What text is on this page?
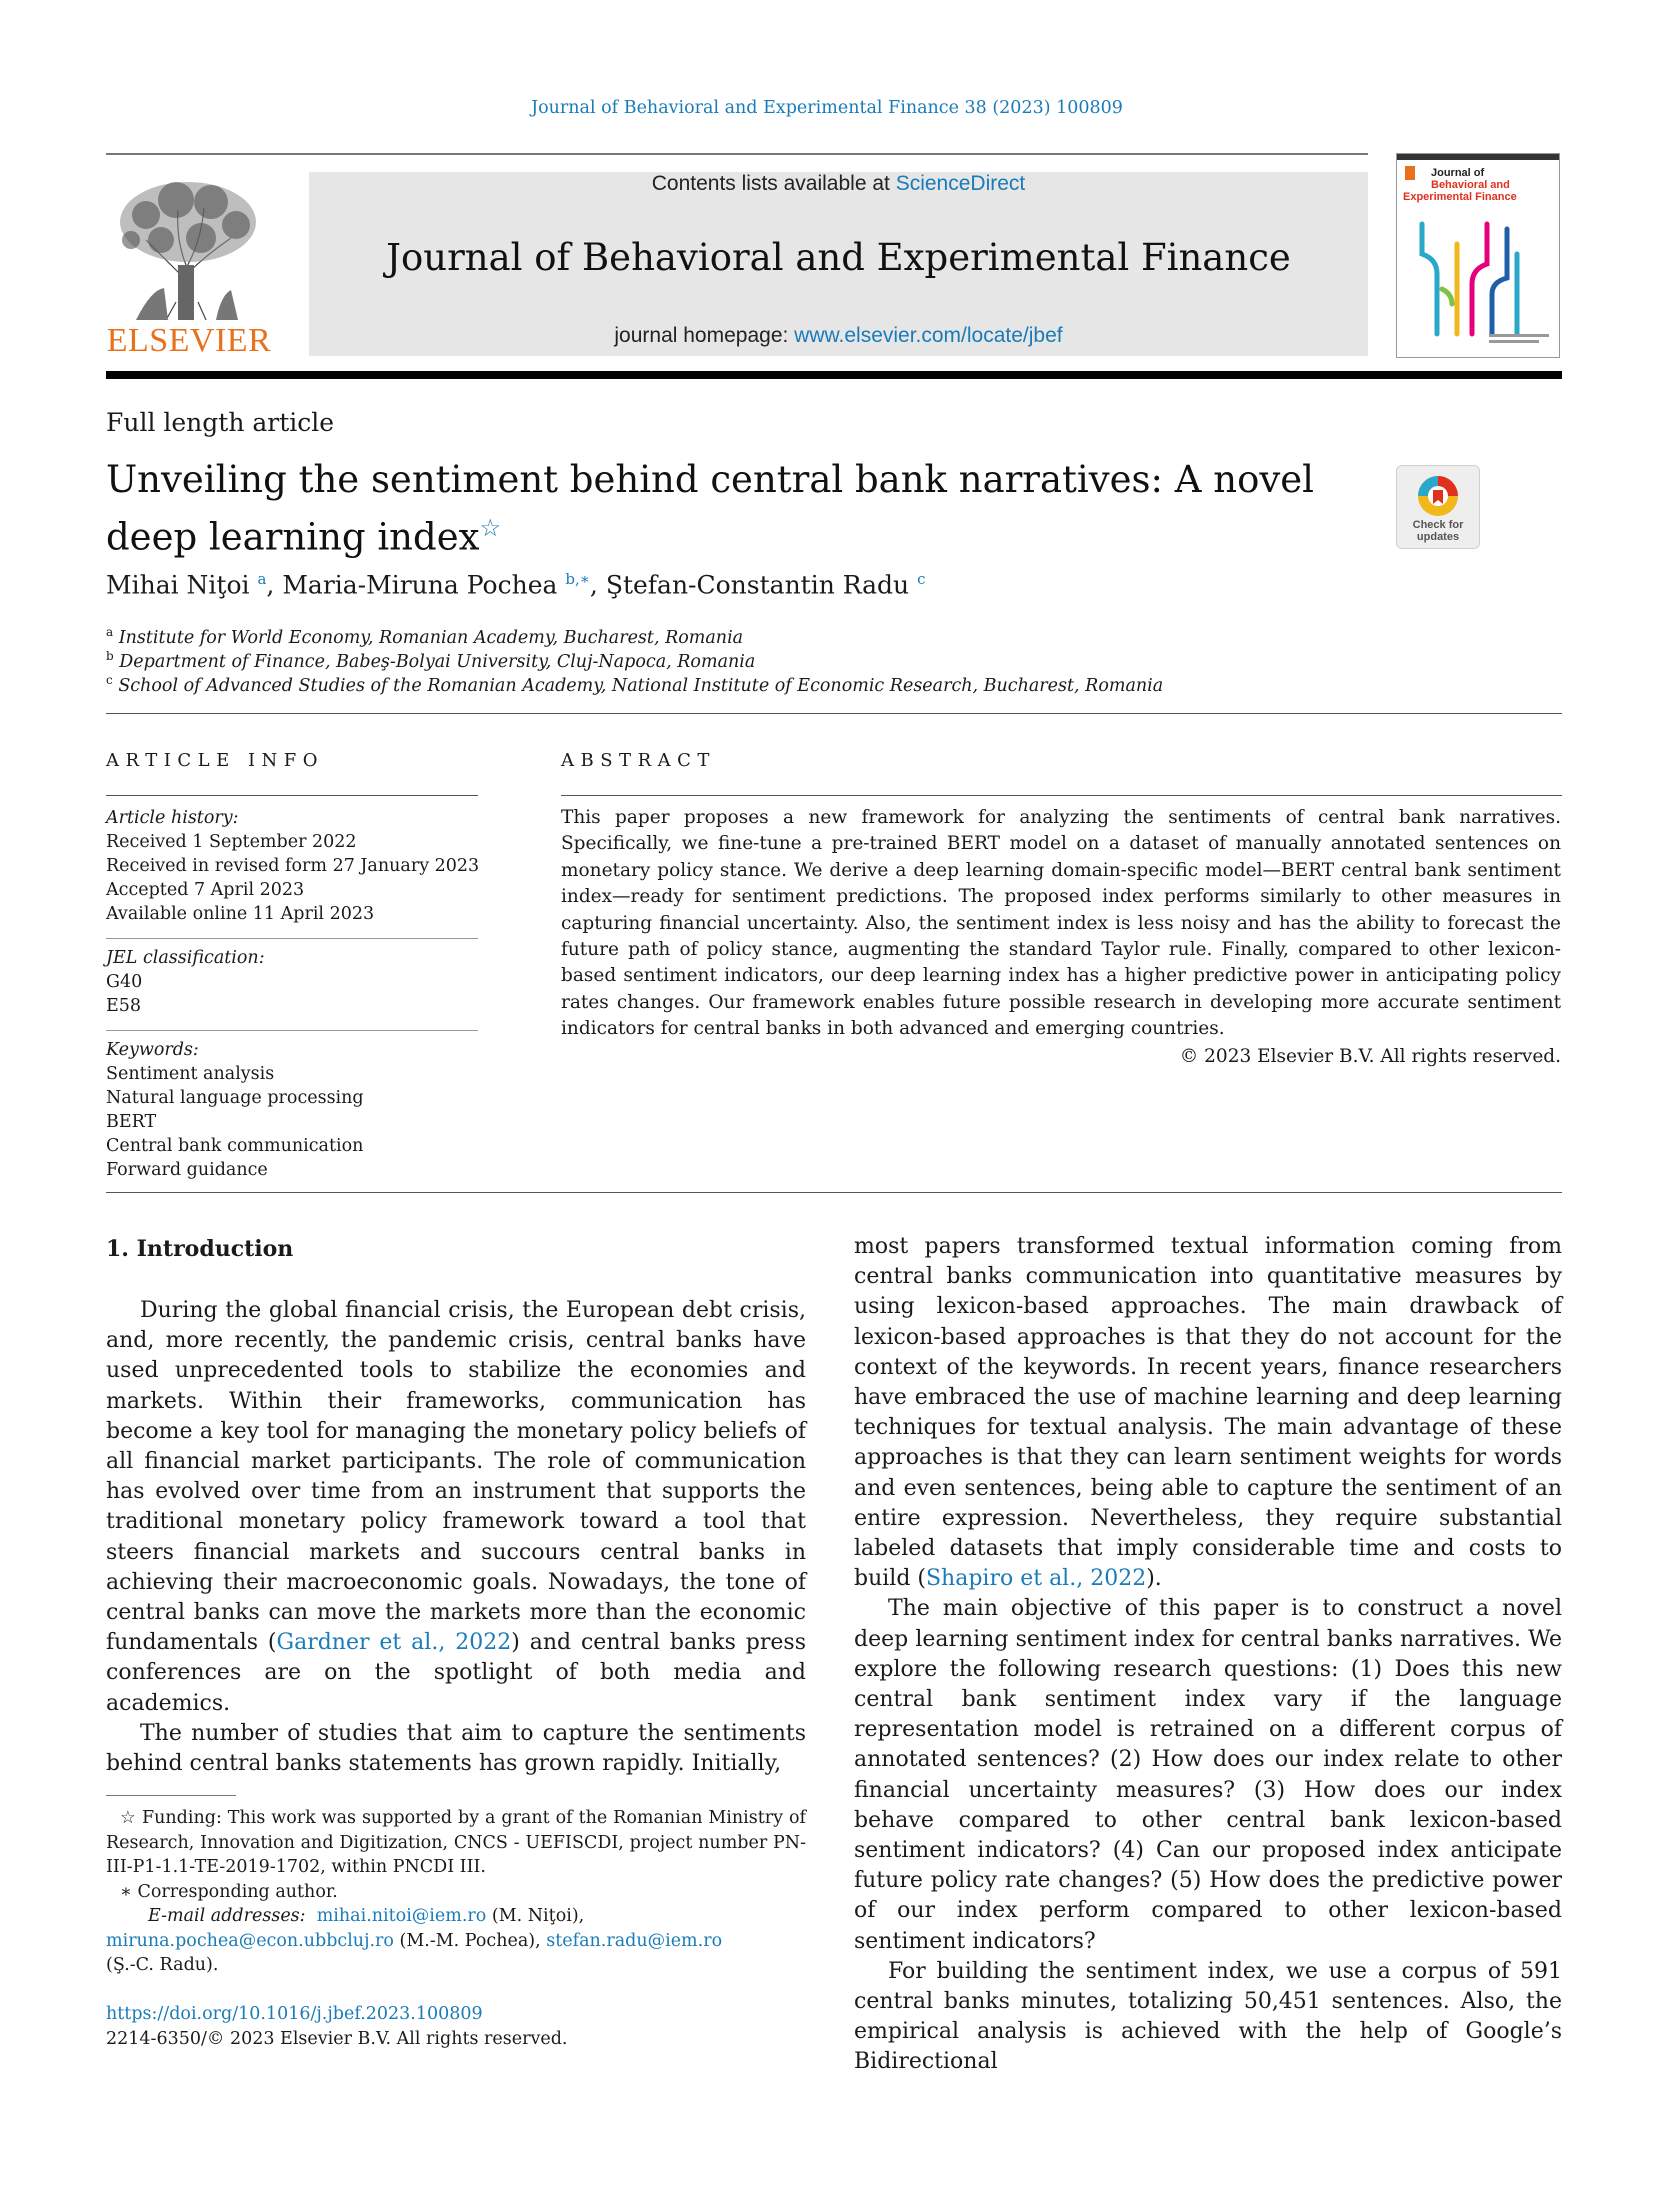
Journal of Behavioral and Experimental Finance 38 (2023) 100809
ELSEVIER
Contents lists available at ScienceDirect
Journal of Behavioral and Experimental Finance
journal homepage: www.elsevier.com/locate/jbef
Journal of
Behavioral and
Experimental Finance
Full length article
Unveiling the sentiment behind central bank narratives: A novel deep learning index☆	Check for
updates
Mihai Niţoi $^a$, Maria-Miruna Pochea $^{b,∗}$, Ştefan-Constantin Radu $^c$
$^a$ Institute for World Economy, Romanian Academy, Bucharest, Romania
$^b$ Department of Finance, Babeş-Bolyai University, Cluj-Napoca, Romania
$^c$ School of Advanced Studies of the Romanian Academy, National Institute of Economic Research, Bucharest, Romania
ARTICLE INFO
Article history:
Received 1 September 2022
Received in revised form 27 January 2023
Accepted 7 April 2023
Available online 11 April 2023
JEL classification:
G40
E58
Keywords:
Sentiment analysis
Natural language processing
BERT
Central bank communication
Forward guidance
ABSTRACT
This paper proposes a new framework for analyzing the sentiments of central bank narratives. Specifically, we fine-tune a pre-trained BERT model on a dataset of manually annotated sentences on monetary policy stance. We derive a deep learning domain-specific model—BERT central bank sentiment index—ready for sentiment predictions. The proposed index performs similarly to other measures in capturing financial uncertainty. Also, the sentiment index is less noisy and has the ability to forecast the future path of policy stance, augmenting the standard Taylor rule. Finally, compared to other lexicon-based sentiment indicators, our deep learning index has a higher predictive power in anticipating policy rates changes. Our framework enables future possible research in developing more accurate sentiment indicators for central banks in both advanced and emerging countries.
© 2023 Elsevier B.V. All rights reserved.
1. Introduction

During the global financial crisis, the European debt crisis, and, more recently, the pandemic crisis, central banks have used unprecedented tools to stabilize the economies and markets. Within their frameworks, communication has become a key tool for managing the monetary policy beliefs of all financial market participants. The role of communication has evolved over time from an instrument that supports the traditional monetary policy framework toward a tool that steers financial markets and succours central banks in achieving their macroeconomic goals. Nowadays, the tone of central banks can move the markets more than the economic fundamentals (Gardner et al., 2022) and central banks press conferences are on the spotlight of both media and academics.

The number of studies that aim to capture the sentiments behind central banks statements has grown rapidly. Initially,

☆ Funding: This work was supported by a grant of the Romanian Ministry of Research, Innovation and Digitization, CNCS - UEFISCDI, project number PN-III-P1-1.1-TE-2019-1702, within PNCDI III.

∗ Corresponding author.

E-mail addresses: mihai.nitoi@iem.ro (M. Niţoi),

miruna.pochea@econ.ubbcluj.ro (M.-M. Pochea), stefan.radu@iem.ro

(Ş.-C. Radu).

https://doi.org/10.1016/j.jbef.2023.100809
2214-6350/© 2023 Elsevier B.V. All rights reserved.

most papers transformed textual information coming from central banks communication into quantitative measures by using lexicon-based approaches. The main drawback of lexicon-based approaches is that they do not account for the context of the keywords. In recent years, finance researchers have embraced the use of machine learning and deep learning techniques for textual analysis. The main advantage of these approaches is that they can learn sentiment weights for words and even sentences, being able to capture the sentiment of an entire expression. Nevertheless, they require substantial labeled datasets that imply considerable time and costs to build (Shapiro et al., 2022).

The main objective of this paper is to construct a novel deep learning sentiment index for central banks narratives. We explore the following research questions: (1) Does this new central bank sentiment index vary if the language representation model is retrained on a different corpus of annotated sentences? (2) How does our index relate to other financial uncertainty measures? (3) How does our index behave compared to other central bank lexicon-based sentiment indicators? (4) Can our proposed index anticipate future policy rate changes? (5) How does the predictive power of our index perform compared to other lexicon-based sentiment indicators?

For building the sentiment index, we use a corpus of 591 central banks minutes, totalizing 50,451 sentences. Also, the empirical analysis is achieved with the help of Google’s Bidirectional
